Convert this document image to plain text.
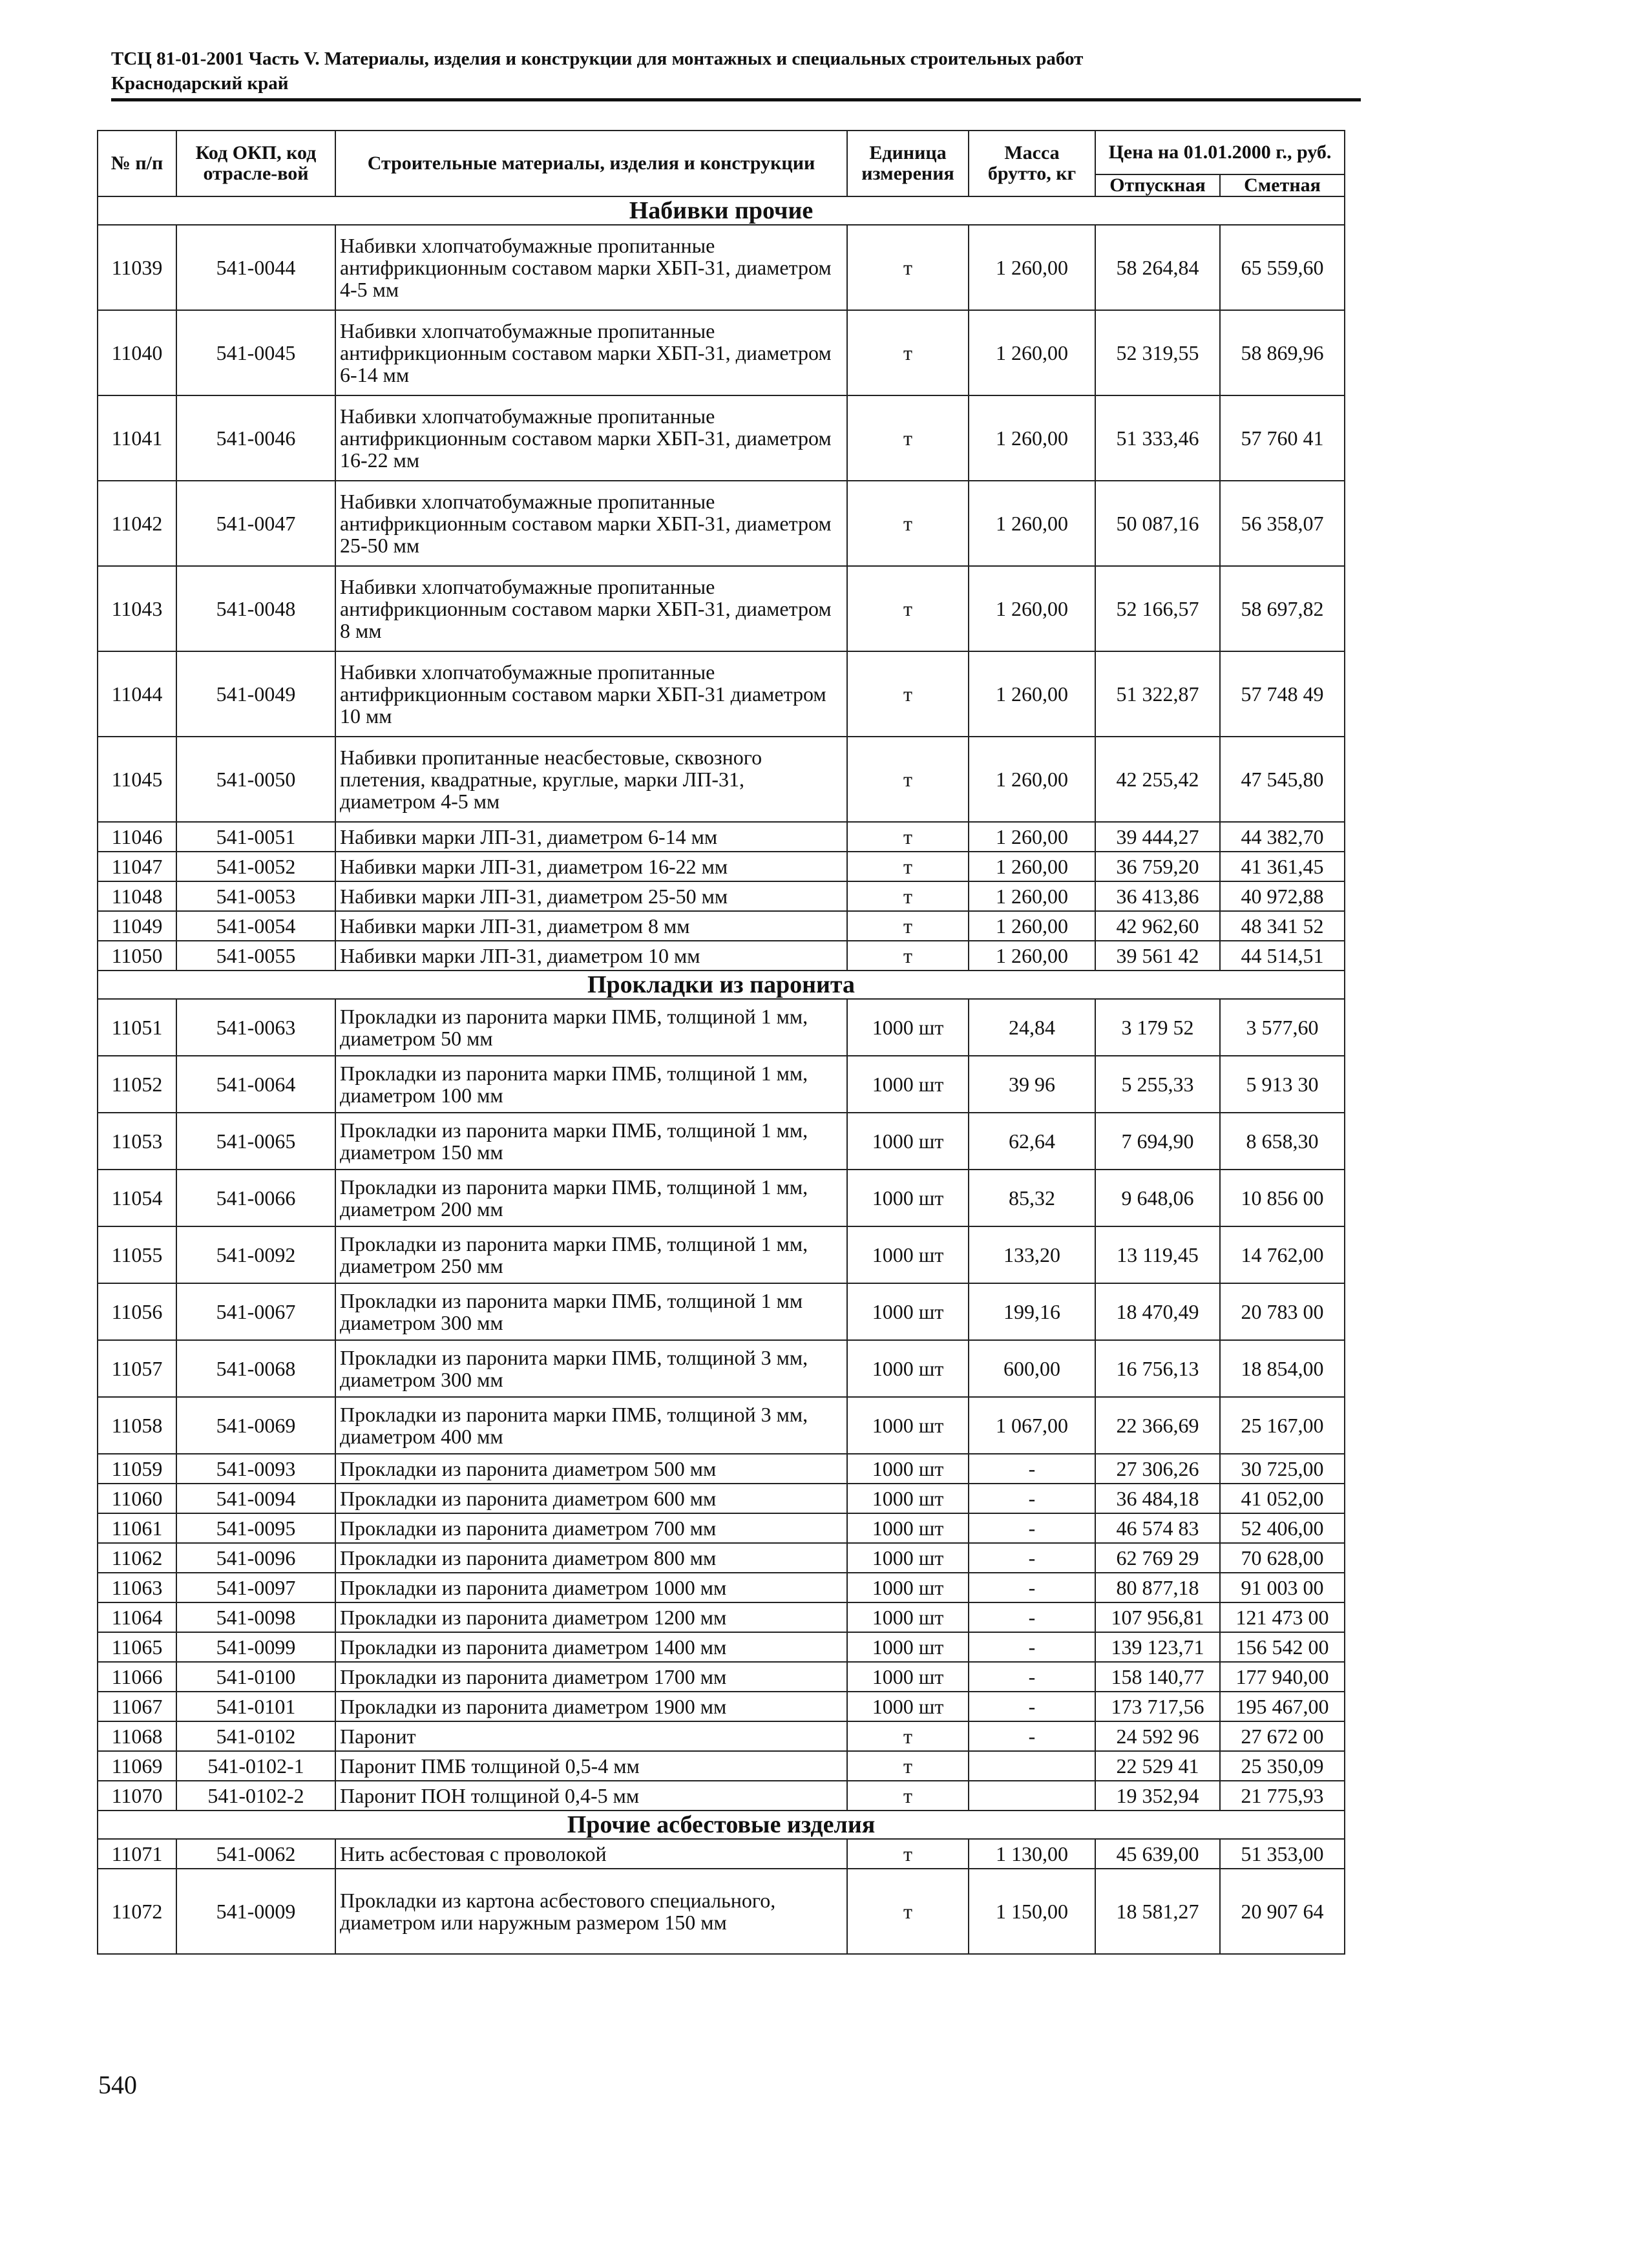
ТСЦ 81-01-2001 Часть V. Материалы, изделия и конструкции для монтажных и специальных строительных работ
Краснодарский край
№ п/п	Код ОКП, код отрасле-вой	Строительные материалы, изделия и конструкции	Единица измерения	Масса брутто, кг	Цена на 01.01.2000 г., руб.	
					Отпускная	Сметная
Набивки прочие						
11039	541-0044	Набивки хлопчатобумажные пропитанные антифрикционным составом марки ХБП-31, диаметром 4-5 мм	т	1 260,00	58 264,84	65 559,60
11040	541-0045	Набивки хлопчатобумажные пропитанные антифрикционным составом марки ХБП-31, диаметром 6-14 мм	т	1 260,00	52 319,55	58 869,96
11041	541-0046	Набивки хлопчатобумажные пропитанные антифрикционным составом марки ХБП-31, диаметром 16-22 мм	т	1 260,00	51 333,46	57 760 41
11042	541-0047	Набивки хлопчатобумажные пропитанные антифрикционным составом марки ХБП-31, диаметром 25-50 мм	т	1 260,00	50 087,16	56 358,07
11043	541-0048	Набивки хлопчатобумажные пропитанные антифрикционным составом марки ХБП-31, диаметром 8 мм	т	1 260,00	52 166,57	58 697,82
11044	541-0049	Набивки хлопчатобумажные пропитанные антифрикционным составом марки ХБП-31 диаметром 10 мм	т	1 260,00	51 322,87	57 748 49
11045	541-0050	Набивки пропитанные неасбестовые, сквозного плетения, квадратные, круглые, марки ЛП-31, диаметром 4-5 мм	т	1 260,00	42 255,42	47 545,80
11046	541-0051	Набивки марки ЛП-31, диаметром 6-14 мм	т	1 260,00	39 444,27	44 382,70
11047	541-0052	Набивки марки ЛП-31, диаметром 16-22 мм	т	1 260,00	36 759,20	41 361,45
11048	541-0053	Набивки марки ЛП-31, диаметром 25-50 мм	т	1 260,00	36 413,86	40 972,88
11049	541-0054	Набивки марки ЛП-31, диаметром 8 мм	т	1 260,00	42 962,60	48 341 52
11050	541-0055	Набивки марки ЛП-31, диаметром 10 мм	т	1 260,00	39 561 42	44 514,51
Прокладки из паронита						
11051	541-0063	Прокладки из паронита марки ПМБ, толщиной 1 мм, диаметром 50 мм	1000 шт	24,84	3 179 52	3 577,60
11052	541-0064	Прокладки из паронита марки ПМБ, толщиной 1 мм, диаметром 100 мм	1000 шт	39 96	5 255,33	5 913 30
11053	541-0065	Прокладки из паронита марки ПМБ, толщиной 1 мм, диаметром 150 мм	1000 шт	62,64	7 694,90	8 658,30
11054	541-0066	Прокладки из паронита марки ПМБ, толщиной 1 мм, диаметром 200 мм	1000 шт	85,32	9 648,06	10 856 00
11055	541-0092	Прокладки из паронита марки ПМБ, толщиной 1 мм, диаметром 250 мм	1000 шт	133,20	13 119,45	14 762,00
11056	541-0067	Прокладки из паронита марки ПМБ, толщиной 1 мм диаметром 300 мм	1000 шт	199,16	18 470,49	20 783 00
11057	541-0068	Прокладки из паронита марки ПМБ, толщиной 3 мм, диаметром 300 мм	1000 шт	600,00	16 756,13	18 854,00
11058	541-0069	Прокладки из паронита марки ПМБ, толщиной 3 мм, диаметром 400 мм	1000 шт	1 067,00	22 366,69	25 167,00
11059	541-0093	Прокладки из паронита диаметром 500 мм	1000 шт	-	27 306,26	30 725,00
11060	541-0094	Прокладки из паронита диаметром 600 мм	1000 шт	-	36 484,18	41 052,00
11061	541-0095	Прокладки из паронита диаметром 700 мм	1000 шт	-	46 574 83	52 406,00
11062	541-0096	Прокладки из паронита диаметром 800 мм	1000 шт	-	62 769 29	70 628,00
11063	541-0097	Прокладки из паронита диаметром 1000 мм	1000 шт	-	80 877,18	91 003 00
11064	541-0098	Прокладки из паронита диаметром 1200 мм	1000 шт	-	107 956,81	121 473 00
11065	541-0099	Прокладки из паронита диаметром 1400 мм	1000 шт	-	139 123,71	156 542 00
11066	541-0100	Прокладки из паронита диаметром 1700 мм	1000 шт	-	158 140,77	177 940,00
11067	541-0101	Прокладки из паронита диаметром 1900 мм	1000 шт	-	173 717,56	195 467,00
11068	541-0102	Паронит	т	-	24 592 96	27 672 00
11069	541-0102-1	Паронит ПМБ толщиной 0,5-4 мм	т		22 529 41	25 350,09
11070	541-0102-2	Паронит ПОН толщиной 0,4-5 мм	т		19 352,94	21 775,93
Прочие асбестовые изделия						
11071	541-0062	Нить асбестовая с проволокой	т	1 130,00	45 639,00	51 353,00
11072	541-0009	Прокладки из картона асбестового специального, диаметром или наружным размером 150 мм	т	1 150,00	18 581,27	20 907 64
540
